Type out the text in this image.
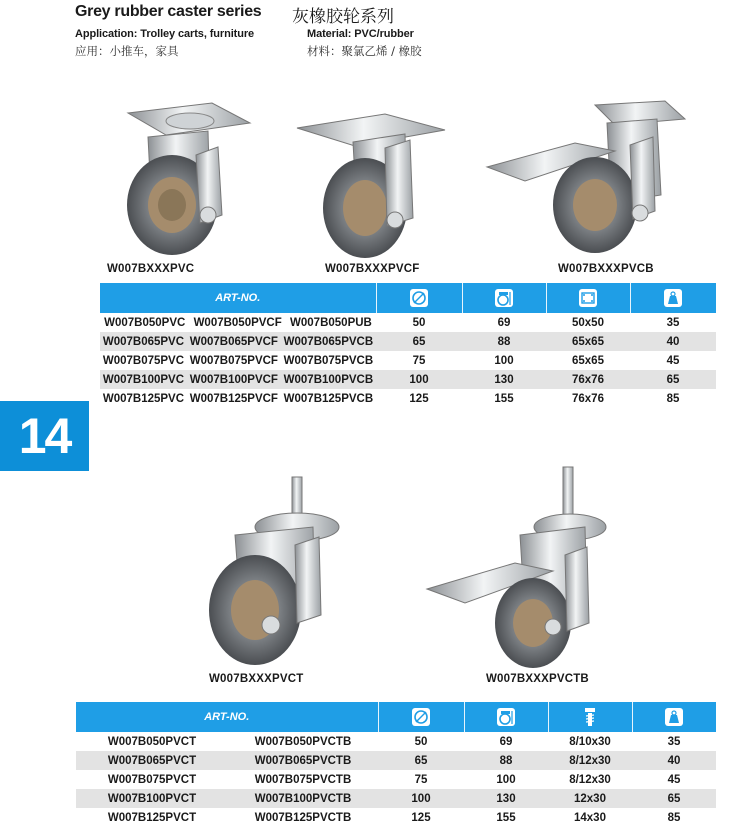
Grey rubber caster series 灰橡胶轮系列
Application: Trolley carts, furniture
应用：小推车，家具
Material: PVC/rubber
材料：聚氯乙烯 / 橡胶
W007BXXXPVC	W007BXXXPVCF	W007BXXXPVCB
ART-NO.				

W007B050PVC W007B050PVCF W007B050PUB	50	69	50x50	35

W007B065PVC W007B065PVCF W007B065PVCB	65	88	65x65	40

W007B075PVC W007B075PVCF W007B075PVCB	75	100	65x65	45

W007B100PVC W007B100PVCF W007B100PVCB	100	130	76x76	65

W007B125PVC W007B125PVCF W007B125PVCB	125	155	76x76	85
14
W007BXXXPVCT	W007BXXXPVCTB
ART-NO.				
W007B050PVCT	W007B050PVCTB	50	69	8/10x30	35
W007B065PVCT	W007B065PVCTB	65	88	8/12x30	40
W007B075PVCT	W007B075PVCTB	75	100	8/12x30	45
W007B100PVCT	W007B100PVCTB	100	130	12x30	65
W007B125PVCT	W007B125PVCTB	125	155	14x30	85
